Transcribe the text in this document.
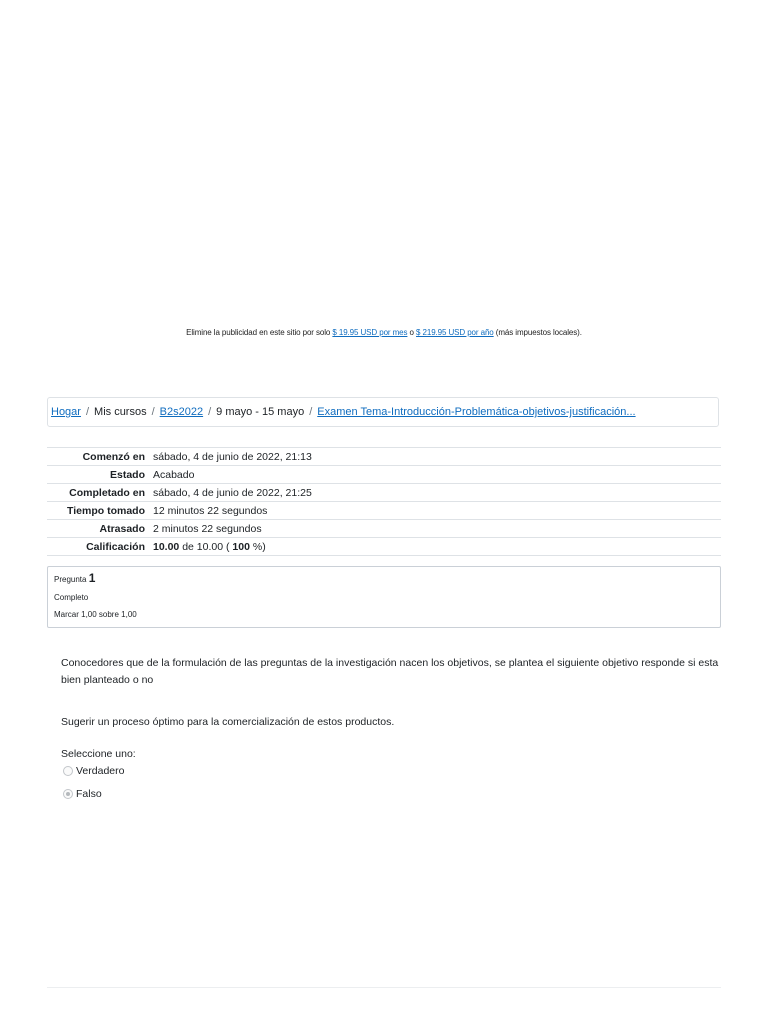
Elimine la publicidad en este sitio por solo $ 19.95 USD por mes o $ 219.95 USD por año (más impuestos locales).
Hogar / Mis cursos / B2s2022 / 9 mayo - 15 mayo / Examen Tema-Introducción-Problemática-objetivos-justificación...
Comenzó en	sábado, 4 de junio de 2022, 21:13
Estado	Acabado
Completado en	sábado, 4 de junio de 2022, 21:25
Tiempo tomado	12 minutos 22 segundos
Atrasado	2 minutos 22 segundos
Calificación	10.00 de 10.00 ( 100 %)
Pregunta 1
Completo
Marcar 1,00 sobre 1,00
Conocedores que de la formulación de las preguntas de la investigación nacen los objetivos, se plantea el siguiente objetivo responde si esta bien planteado o no
Sugerir un proceso óptimo para la comercialización de estos productos.
Seleccione uno:
Verdadero
Falso
